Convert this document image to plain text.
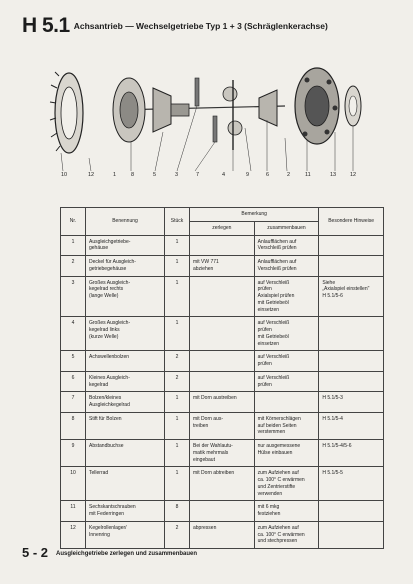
H 5.1 Achsantrieb — Wechselgetriebe Typ 1 + 3 (Schräglenkerachse)
10	12	1	8	5	3	7	4	9	6	2	11	13	12
Nr.	Benennung	Stück	Bemerkung		Besondere Hinweise
			zerlegen	zusammenbauen	
1	Ausgleichgetriebe-
gehäuse	1		Anlaufflächen auf
Verschleiß prüfen	
2	Deckel für Ausgleich-
getriebegehäuse	1	mit VW 771
abziehen	Anlaufflächen auf
Verschleiß prüfen	
3	Großes Ausgleich-
kegelrad rechts
(lange Welle)	1		auf Verschleiß
prüfen
Axialspiel prüfen
mit Getriebeöl
einsetzen	Siehe
„Axialspiel einstellen"
H 5.1/5-6
4	Großes Ausgleich-
kegelrad links
(kurze Welle)	1		auf Verschleiß
prüfen
mit Getriebeöl
einsetzen	
5	Achswellenbolzen	2		auf Verschleiß
prüfen	
6	Kleines Ausgleich-
kegelrad	2		auf Verschleiß
prüfen	
7	Bolzen/kleines
Ausgleichkegelrad	1	mit Dorn austreiben		H 5.1/5-3
8	Stift für Bolzen	1	mit Dorn aus-
treiben	mit Körnerschlägen
auf beiden Seiten
verstemmen	H 5.1/5-4
9	Abstandbuchse	1	Bei der Wahlautu-
matik mehrmals
eingebaut	nur ausgemessene
Hülse einbauen	H 5.1/5-4/5-6
10	Tellerrad	1	mit Dorn abtreiben	zum Aufziehen auf
ca. 100° C erwärmen
und Zentrierstifte
verwenden	H 5.1/5-5
11	Sechskantschrauben
mit Federringen	8		mit 6 mkg
festziehen	
12	Kegelrollenlager/
Innenring	2	abpressen	zum Aufziehen auf
ca. 100° C erwärmen
und stechpressen	
5 - 2 Ausgleichgetriebe zerlegen und zusammenbauen
